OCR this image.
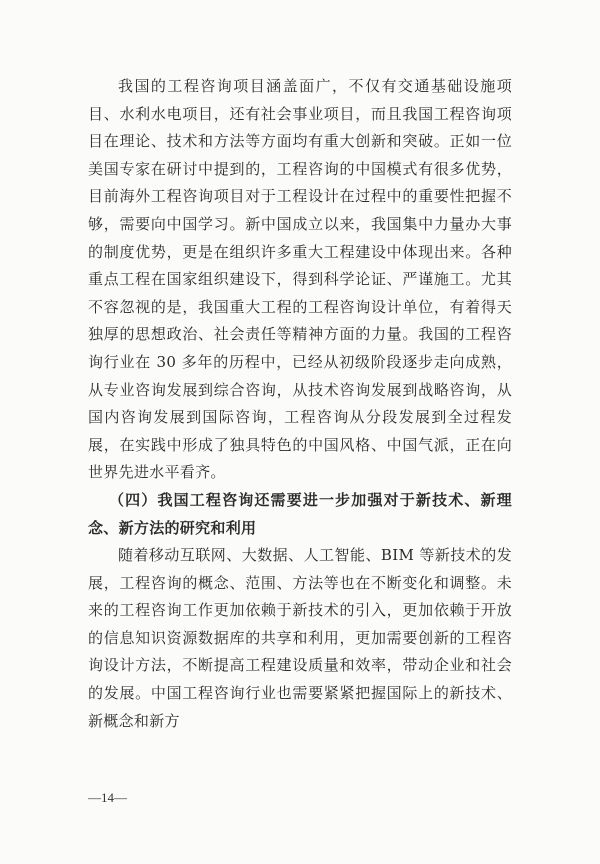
我国的工程咨询项目涵盖面广，不仅有交通基础设施项目、水利水电项目，还有社会事业项目，而且我国工程咨询项目在理论、技术和方法等方面均有重大创新和突破。正如一位美国专家在研讨中提到的，工程咨询的中国模式有很多优势，目前海外工程咨询项目对于工程设计在过程中的重要性把握不够，需要向中国学习。新中国成立以来，我国集中力量办大事的制度优势，更是在组织许多重大工程建设中体现出来。各种重点工程在国家组织建设下，得到科学论证、严谨施工。尤其不容忽视的是，我国重大工程的工程咨询设计单位，有着得天独厚的思想政治、社会责任等精神方面的力量。我国的工程咨询行业在 30 多年的历程中，已经从初级阶段逐步走向成熟，从专业咨询发展到综合咨询，从技术咨询发展到战略咨询，从国内咨询发展到国际咨询，工程咨询从分段发展到全过程发展，在实践中形成了独具特色的中国风格、中国气派，正在向世界先进水平看齐。

（四）我国工程咨询还需要进一步加强对于新技术、新理念、新方法的研究和利用

随着移动互联网、大数据、人工智能、BIM 等新技术的发展，工程咨询的概念、范围、方法等也在不断变化和调整。未来的工程咨询工作更加依赖于新技术的引入，更加依赖于开放的信息知识资源数据库的共享和利用，更加需要创新的工程咨询设计方法，不断提高工程建设质量和效率，带动企业和社会的发展。中国工程咨询行业也需要紧紧把握国际上的新技术、新概念和新方

—14—
